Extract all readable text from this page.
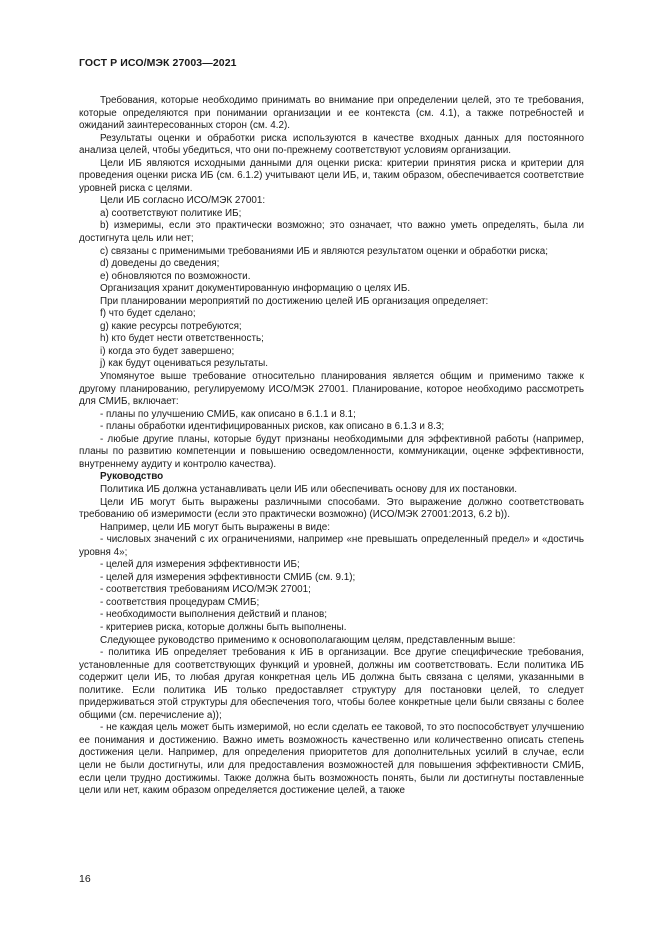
ГОСТ Р ИСО/МЭК 27003—2021

Требования, которые необходимо принимать во внимание при определении целей, это те требования, которые определяются при понимании организации и ее контекста (см. 4.1), а также потребностей и ожиданий заинтересованных сторон (см. 4.2).

Результаты оценки и обработки риска используются в качестве входных данных для постоянного анализа целей, чтобы убедиться, что они по-прежнему соответствуют условиям организации.

Цели ИБ являются исходными данными для оценки риска: критерии принятия риска и критерии для проведения оценки риска ИБ (см. 6.1.2) учитывают цели ИБ, и, таким образом, обеспечивается соответствие уровней риска с целями.

Цели ИБ согласно ИСО/МЭК 27001:

а) соответствуют политике ИБ;

b) измеримы, если это практически возможно; это означает, что важно уметь определять, была ли достигнута цель или нет;

с) связаны с применимыми требованиями ИБ и являются результатом оценки и обработки риска;

d) доведены до сведения;

е) обновляются по возможности.

Организация хранит документированную информацию о целях ИБ.

При планировании мероприятий по достижению целей ИБ организация определяет:

f) что будет сделано;

g) какие ресурсы потребуются;

h) кто будет нести ответственность;

i) когда это будет завершено;

j) как будут оцениваться результаты.

Упомянутое выше требование относительно планирования является общим и применимо также к другому планированию, регулируемому ИСО/МЭК 27001. Планирование, которое необходимо рассмотреть для СМИБ, включает:

- планы по улучшению СМИБ, как описано в 6.1.1 и 8.1;

- планы обработки идентифицированных рисков, как описано в 6.1.3 и 8.3;

- любые другие планы, которые будут признаны необходимыми для эффективной работы (например, планы по развитию компетенции и повышению осведомленности, коммуникации, оценке эффективности, внутреннему аудиту и контролю качества).

Руководство

Политика ИБ должна устанавливать цели ИБ или обеспечивать основу для их постановки.

Цели ИБ могут быть выражены различными способами. Это выражение должно соответствовать требованию об измеримости (если это практически возможно) (ИСО/МЭК 27001:2013, 6.2 b)).

Например, цели ИБ могут быть выражены в виде:

- числовых значений с их ограничениями, например «не превышать определенный предел» и «достичь уровня 4»;

- целей для измерения эффективности ИБ;

- целей для измерения эффективности СМИБ (см. 9.1);

- соответствия требованиям ИСО/МЭК 27001;

- соответствия процедурам СМИБ;

- необходимости выполнения действий и планов;

- критериев риска, которые должны быть выполнены.

Следующее руководство применимо к основополагающим целям, представленным выше:

- политика ИБ определяет требования к ИБ в организации. Все другие специфические требования, установленные для соответствующих функций и уровней, должны им соответствовать. Если политика ИБ содержит цели ИБ, то любая другая конкретная цель ИБ должна быть связана с целями, указанными в политике. Если политика ИБ только предоставляет структуру для постановки целей, то следует придерживаться этой структуры для обеспечения того, чтобы более конкретные цели были связаны с более общими (см. перечисление а));

- не каждая цель может быть измеримой, но если сделать ее таковой, то это поспособствует улучшению ее понимания и достижению. Важно иметь возможность качественно или количественно описать степень достижения цели. Например, для определения приоритетов для дополнительных усилий в случае, если цели не были достигнуты, или для предоставления возможностей для повышения эффективности СМИБ, если цели трудно достижимы. Также должна быть возможность понять, были ли достигнуты поставленные цели или нет, каким образом определяется достижение целей, а также

16
